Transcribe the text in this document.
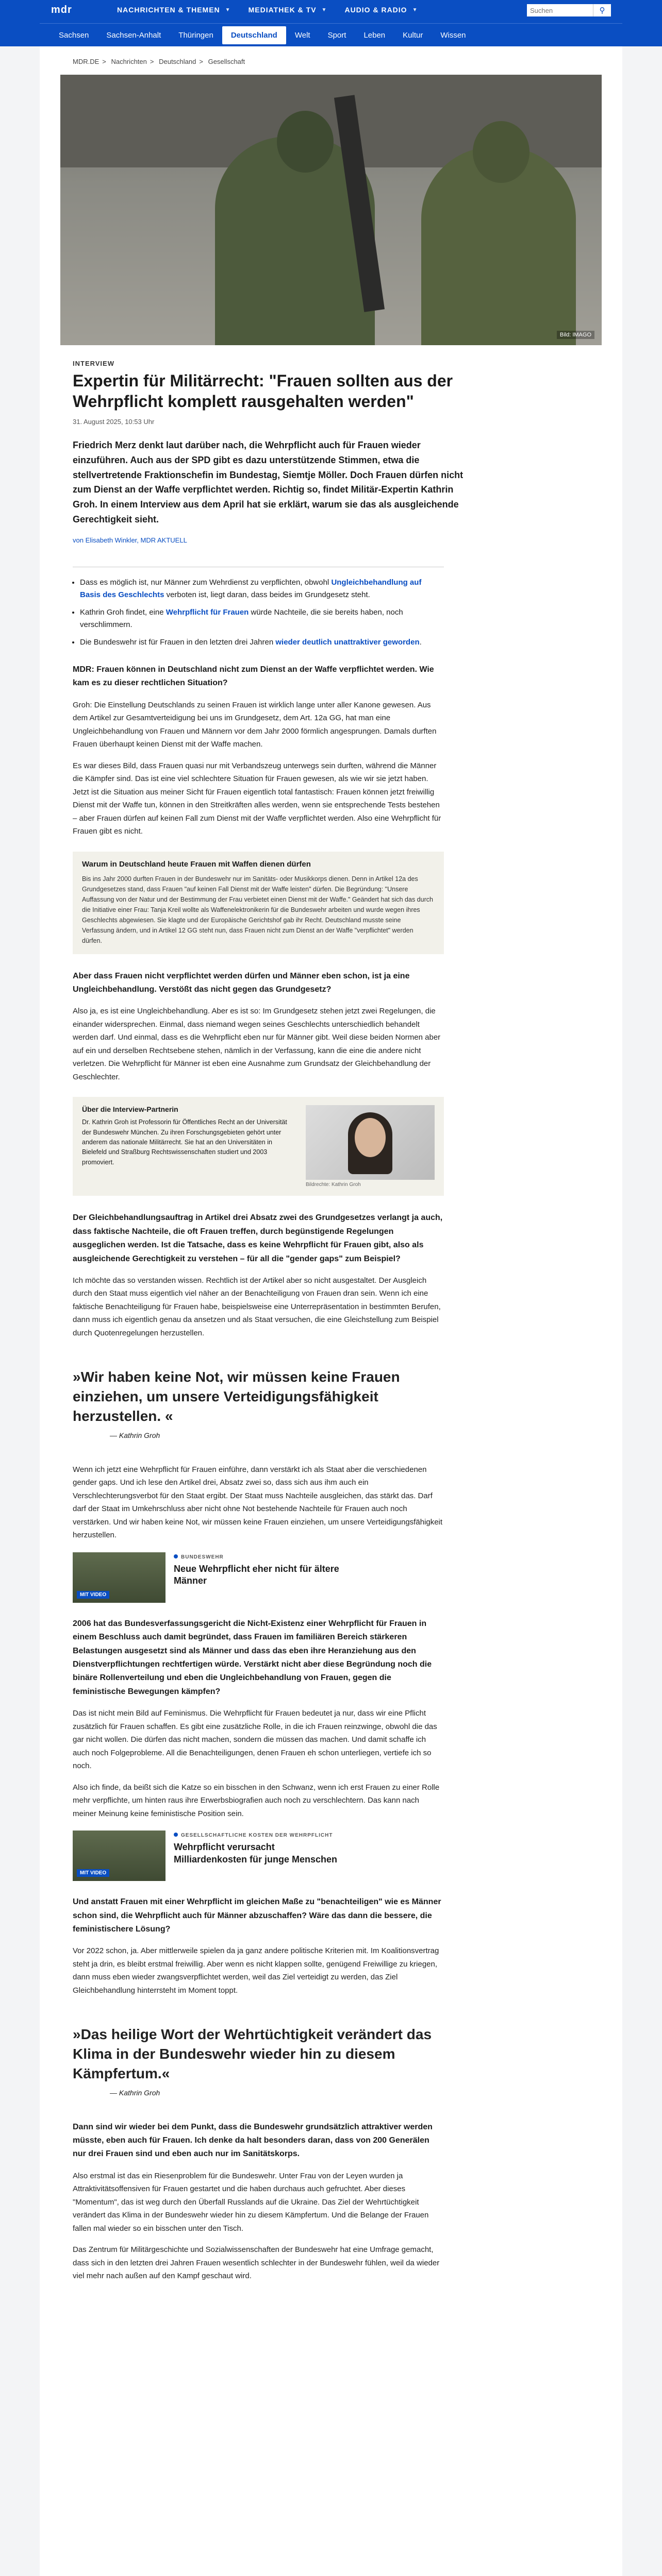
mdr	NACHRICHTEN & THEMEN ▼ MEDIATHEK & TV ▼ AUDIO & RADIO ▼
Suchen	⚲
Sachsen	Sachsen-Anhalt	Thüringen	Deutschland	Welt	Sport	Leben	Kultur	Wissen
MDR.DE > Nachrichten > Deutschland > Gesellschaft
Bild: IMAGO
INTERVIEW
Expertin für Militärrecht: "Frauen sollten aus der Wehrpflicht komplett rausgehalten werden"
31. August 2025, 10:53 Uhr

Friedrich Merz denkt laut darüber nach, die Wehrpflicht auch für Frauen wieder einzuführen. Auch aus der SPD gibt es dazu unterstützende Stimmen, etwa die stellvertretende Fraktionschefin im Bundestag, Siemtje Möller. Doch Frauen dürfen nicht zum Dienst an der Waffe verpflichtet werden. Richtig so, findet Militär-Expertin Kathrin Groh. In einem Interview aus dem April hat sie erklärt, warum sie das als ausgleichende Gerechtigkeit sieht.

von Elisabeth Winkler, MDR AKTUELL
• Dass es möglich ist, nur Männer zum Wehrdienst zu verpflichten, obwohl Ungleichbehandlung auf Basis des Geschlechts verboten ist, liegt daran, dass beides im Grundgesetz steht.
• Kathrin Groh findet, eine Wehrpflicht für Frauen würde Nachteile, die sie bereits haben, noch verschlimmern.
• Die Bundeswehr ist für Frauen in den letzten drei Jahren wieder deutlich unattraktiver geworden.

MDR: Frauen können in Deutschland nicht zum Dienst an der Waffe verpflichtet werden. Wie kam es zu dieser rechtlichen Situation?

Groh: Die Einstellung Deutschlands zu seinen Frauen ist wirklich lange unter aller Kanone gewesen. Aus dem Artikel zur Gesamtverteidigung bei uns im Grundgesetz, dem Art. 12a GG, hat man eine Ungleichbehandlung von Frauen und Männern vor dem Jahr 2000 förmlich angesprungen. Damals durften Frauen überhaupt keinen Dienst mit der Waffe machen.

Es war dieses Bild, dass Frauen quasi nur mit Verbandszeug unterwegs sein durften, während die Männer die Kämpfer sind. Das ist eine viel schlechtere Situation für Frauen gewesen, als wie wir sie jetzt haben. Jetzt ist die Situation aus meiner Sicht für Frauen eigentlich total fantastisch: Frauen können jetzt freiwillig Dienst mit der Waffe tun, können in den Streitkräften alles werden, wenn sie entsprechende Tests bestehen – aber Frauen dürfen auf keinen Fall zum Dienst mit der Waffe verpflichtet werden. Also eine Wehrpflicht für Frauen gibt es nicht.

Warum in Deutschland heute Frauen mit Waffen dienen dürfen

Bis ins Jahr 2000 durften Frauen in der Bundeswehr nur im Sanitäts- oder Musikkorps dienen. Denn in Artikel 12a des Grundgesetzes stand, dass Frauen "auf keinen Fall Dienst mit der Waffe leisten" dürfen. Die Begründung: "Unsere Auffassung von der Natur und der Bestimmung der Frau verbietet einen Dienst mit der Waffe." Geändert hat sich das durch die Initiative einer Frau: Tanja Kreil wollte als Waffenelektronikerin für die Bundeswehr arbeiten und wurde wegen ihres Geschlechts abgewiesen. Sie klagte und der Europäische Gerichtshof gab ihr Recht. Deutschland musste seine Verfassung ändern, und in Artikel 12 GG steht nun, dass Frauen nicht zum Dienst an der Waffe "verpflichtet" werden dürfen.

Aber dass Frauen nicht verpflichtet werden dürfen und Männer eben schon, ist ja eine Ungleichbehandlung. Verstößt das nicht gegen das Grundgesetz?

Also ja, es ist eine Ungleichbehandlung. Aber es ist so: Im Grundgesetz stehen jetzt zwei Regelungen, die einander widersprechen. Einmal, dass niemand wegen seines Geschlechts unterschiedlich behandelt werden darf. Und einmal, dass es die Wehrpflicht eben nur für Männer gibt. Weil diese beiden Normen aber auf ein und derselben Rechtsebene stehen, nämlich in der Verfassung, kann die eine die andere nicht verletzen. Die Wehrpflicht für Männer ist eben eine Ausnahme zum Grundsatz der Gleichbehandlung der Geschlechter.

Über die Interview-Partnerin

Dr. Kathrin Groh ist Professorin für Öffentliches Recht an der Universität der Bundeswehr München. Zu ihren Forschungsgebieten gehört unter anderem das nationale Militärrecht. Sie hat an den Universitäten in Bielefeld und Straßburg Rechtswissenschaften studiert und 2003 promoviert.

Bildrechte: Kathrin Groh

Der Gleichbehandlungsauftrag in Artikel drei Absatz zwei des Grundgesetzes verlangt ja auch, dass faktische Nachteile, die oft Frauen treffen, durch begünstigende Regelungen ausgeglichen werden. Ist die Tatsache, dass es keine Wehrpflicht für Frauen gibt, also als ausgleichende Gerechtigkeit zu verstehen – für all die "gender gaps" zum Beispiel?

Ich möchte das so verstanden wissen. Rechtlich ist der Artikel aber so nicht ausgestaltet. Der Ausgleich durch den Staat muss eigentlich viel näher an der Benachteiligung von Frauen dran sein. Wenn ich eine faktische Benachteiligung für Frauen habe, beispielsweise eine Unterrepräsentation in bestimmten Berufen, dann muss ich eigentlich genau da ansetzen und als Staat versuchen, die eine Gleichstellung zum Beispiel durch Quotenregelungen herzustellen.

»Wir haben keine Not, wir müssen keine Frauen einziehen, um unsere Verteidigungsfähigkeit herzustellen. «
— Kathrin Groh

Wenn ich jetzt eine Wehrpflicht für Frauen einführe, dann verstärkt ich als Staat aber die verschiedenen gender gaps. Und ich lese den Artikel drei, Absatz zwei so, dass sich aus ihm auch ein Verschlechterungsverbot für den Staat ergibt. Der Staat muss Nachteile ausgleichen, das stärkt das. Darf darf der Staat im Umkehrschluss aber nicht ohne Not bestehende Nachteile für Frauen auch noch verstärken. Und wir haben keine Not, wir müssen keine Frauen einziehen, um unsere Verteidigungsfähigkeit herzustellen.

MIT VIDEO
BUNDESWEHR
Neue Wehrpflicht eher nicht für ältere Männer

2006 hat das Bundesverfassungsgericht die Nicht-Existenz einer Wehrpflicht für Frauen in einem Beschluss auch damit begründet, dass Frauen im familiären Bereich stärkeren Belastungen ausgesetzt sind als Männer und dass das eben ihre Heranziehung aus den Dienstverpflichtungen rechtfertigen würde. Verstärkt nicht aber diese Begründung noch die binäre Rollenverteilung und eben die Ungleichbehandlung von Frauen, gegen die feministische Bewegungen kämpfen?

Das ist nicht mein Bild auf Feminismus. Die Wehrpflicht für Frauen bedeutet ja nur, dass wir eine Pflicht zusätzlich für Frauen schaffen. Es gibt eine zusätzliche Rolle, in die ich Frauen reinzwinge, obwohl die das gar nicht wollen. Die dürfen das nicht machen, sondern die müssen das machen. Und damit schaffe ich auch noch Folgeprobleme. All die Benachteiligungen, denen Frauen eh schon unterliegen, vertiefe ich so noch.

Also ich finde, da beißt sich die Katze so ein bisschen in den Schwanz, wenn ich erst Frauen zu einer Rolle mehr verpflichte, um hinten raus ihre Erwerbsbiografien auch noch zu verschlechtern. Das kann nach meiner Meinung keine feministische Position sein.

MIT VIDEO
GESELLSCHAFTLICHE KOSTEN DER WEHRPFLICHT
Wehrpflicht verursacht Milliardenkosten für junge Menschen

Und anstatt Frauen mit einer Wehrpflicht im gleichen Maße zu "benachteiligen" wie es Männer schon sind, die Wehrpflicht auch für Männer abzuschaffen? Wäre das dann die bessere, die feministischere Lösung?

Vor 2022 schon, ja. Aber mittlerweile spielen da ja ganz andere politische Kriterien mit. Im Koalitionsvertrag steht ja drin, es bleibt erstmal freiwillig. Aber wenn es nicht klappen sollte, genügend Freiwillige zu kriegen, dann muss eben wieder zwangsverpflichtet werden, weil das Ziel verteidigt zu werden, das Ziel Gleichbehandlung hinterrsteht im Moment toppt.

»Das heilige Wort der Wehrtüchtigkeit verändert das Klima in der Bundeswehr wieder hin zu diesem Kämpfertum.«
— Kathrin Groh

Dann sind wir wieder bei dem Punkt, dass die Bundeswehr grundsätzlich attraktiver werden müsste, eben auch für Frauen. Ich denke da halt besonders daran, dass von 200 Generälen nur drei Frauen sind und eben auch nur im Sanitätskorps.

Also erstmal ist das ein Riesenproblem für die Bundeswehr. Unter Frau von der Leyen wurden ja Attraktivitätsoffensiven für Frauen gestartet und die haben durchaus auch gefruchtet. Aber dieses "Momentum", das ist weg durch den Überfall Russlands auf die Ukraine. Das Ziel der Wehrtüchtigkeit verändert das Klima in der Bundeswehr wieder hin zu diesem Kämpfertum. Und die Belange der Frauen fallen mal wieder so ein bisschen unter den Tisch.

Das Zentrum für Militärgeschichte und Sozialwissenschaften der Bundeswehr hat eine Umfrage gemacht, dass sich in den letzten drei Jahren Frauen wesentlich schlechter in der Bundeswehr fühlen, weil da wieder viel mehr nach außen auf den Kampf geschaut wird.
